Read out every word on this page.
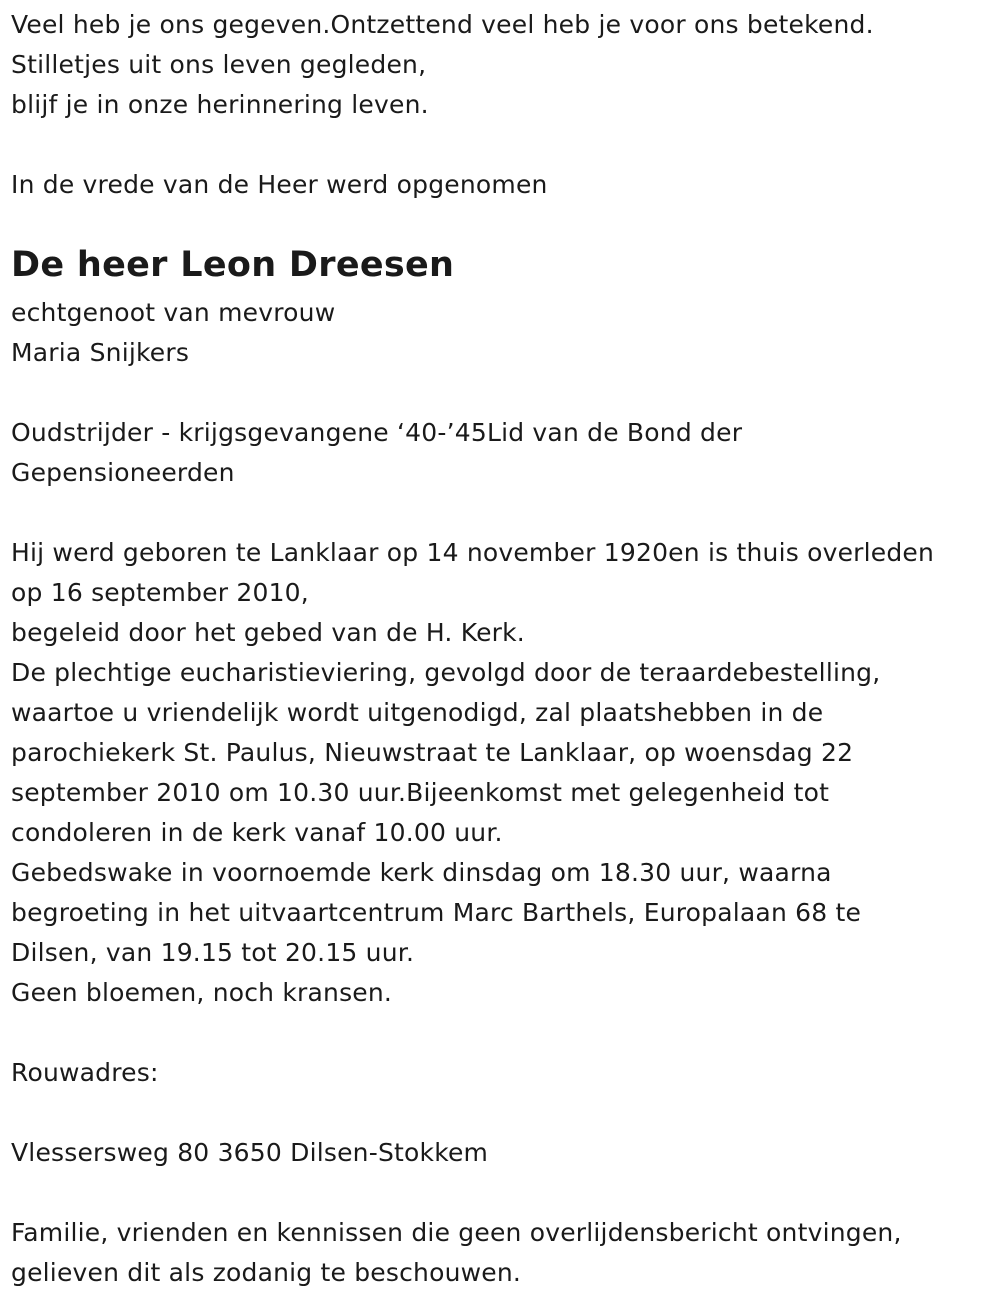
Veel heb je ons gegeven.Ontzettend veel heb je voor ons betekend.
Stilletjes uit ons leven gegleden,
blijf je in onze herinnering leven.
In de vrede van de Heer werd opgenomen
De heer Leon Dreesen
echtgenoot van mevrouw
Maria Snijkers
Oudstrijder - krijgsgevangene ‘40-’45Lid van de Bond der
Gepensioneerden
Hij werd geboren te Lanklaar op 14 november 1920en is thuis overleden
op 16 september 2010,
begeleid door het gebed van de H. Kerk.
De plechtige eucharistieviering, gevolgd door de teraardebestelling,
waartoe u vriendelijk wordt uitgenodigd, zal plaatshebben in de
parochiekerk St. Paulus, Nieuwstraat te Lanklaar, op woensdag 22
september 2010 om 10.30 uur.Bijeenkomst met gelegenheid tot
condoleren in de kerk vanaf 10.00 uur.
Gebedswake in voornoemde kerk dinsdag om 18.30 uur, waarna
begroeting in het uitvaartcentrum Marc Barthels, Europalaan 68 te
Dilsen, van 19.15 tot 20.15 uur.
Geen bloemen, noch kransen.
Rouwadres:
Vlessersweg 80 3650 Dilsen-Stokkem
Familie, vrienden en kennissen die geen overlijdensbericht ontvingen,
gelieven dit als zodanig te beschouwen.
